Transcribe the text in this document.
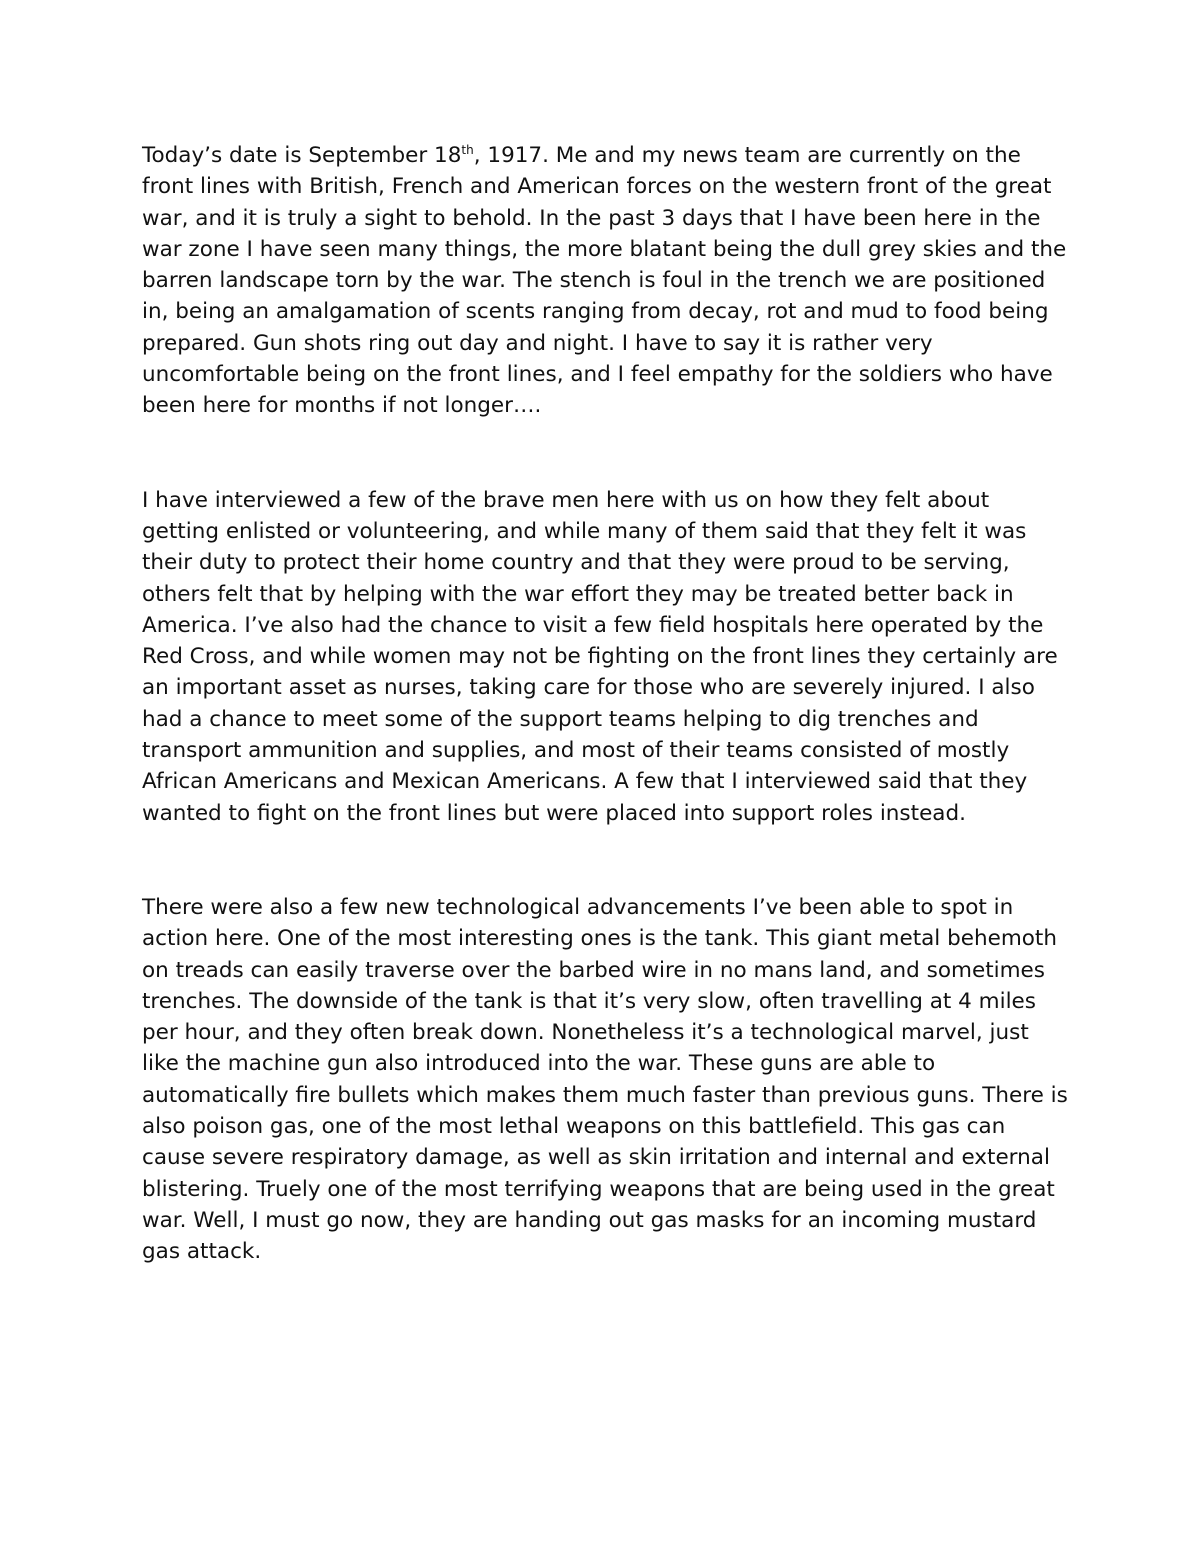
Today’s date is September 18th, 1917. Me and my news team are currently on the front lines with British, French and American forces on the western front of the great war, and it is truly a sight to behold. In the past 3 days that I have been here in the war zone I have seen many things, the more blatant being the dull grey skies and the barren landscape torn by the war. The stench is foul in the trench we are positioned in, being an amalgamation of scents ranging from decay, rot and mud to food being prepared. Gun shots ring out day and night. I have to say it is rather very uncomfortable being on the front lines, and I feel empathy for the soldiers who have been here for months if not longer….

I have interviewed a few of the brave men here with us on how they felt about getting enlisted or volunteering, and while many of them said that they felt it was their duty to protect their home country and that they were proud to be serving, others felt that by helping with the war effort they may be treated better back in America. I’ve also had the chance to visit a few field hospitals here operated by the Red Cross, and while women may not be fighting on the front lines they certainly are an important asset as nurses, taking care for those who are severely injured. I also had a chance to meet some of the support teams helping to dig trenches and transport ammunition and supplies, and most of their teams consisted of mostly African Americans and Mexican Americans. A few that I interviewed said that they wanted to fight on the front lines but were placed into support roles instead.

There were also a few new technological advancements I’ve been able to spot in action here. One of the most interesting ones is the tank. This giant metal behemoth on treads can easily traverse over the barbed wire in no mans land, and sometimes trenches. The downside of the tank is that it’s very slow, often travelling at 4 miles per hour, and they often break down. Nonetheless it’s a technological marvel, just like the machine gun also introduced into the war. These guns are able to automatically fire bullets which makes them much faster than previous guns. There is also poison gas, one of the most lethal weapons on this battlefield. This gas can cause severe respiratory damage, as well as skin irritation and internal and external blistering. Truely one of the most terrifying weapons that are being used in the great war. Well, I must go now, they are handing out gas masks for an incoming mustard gas attack.
